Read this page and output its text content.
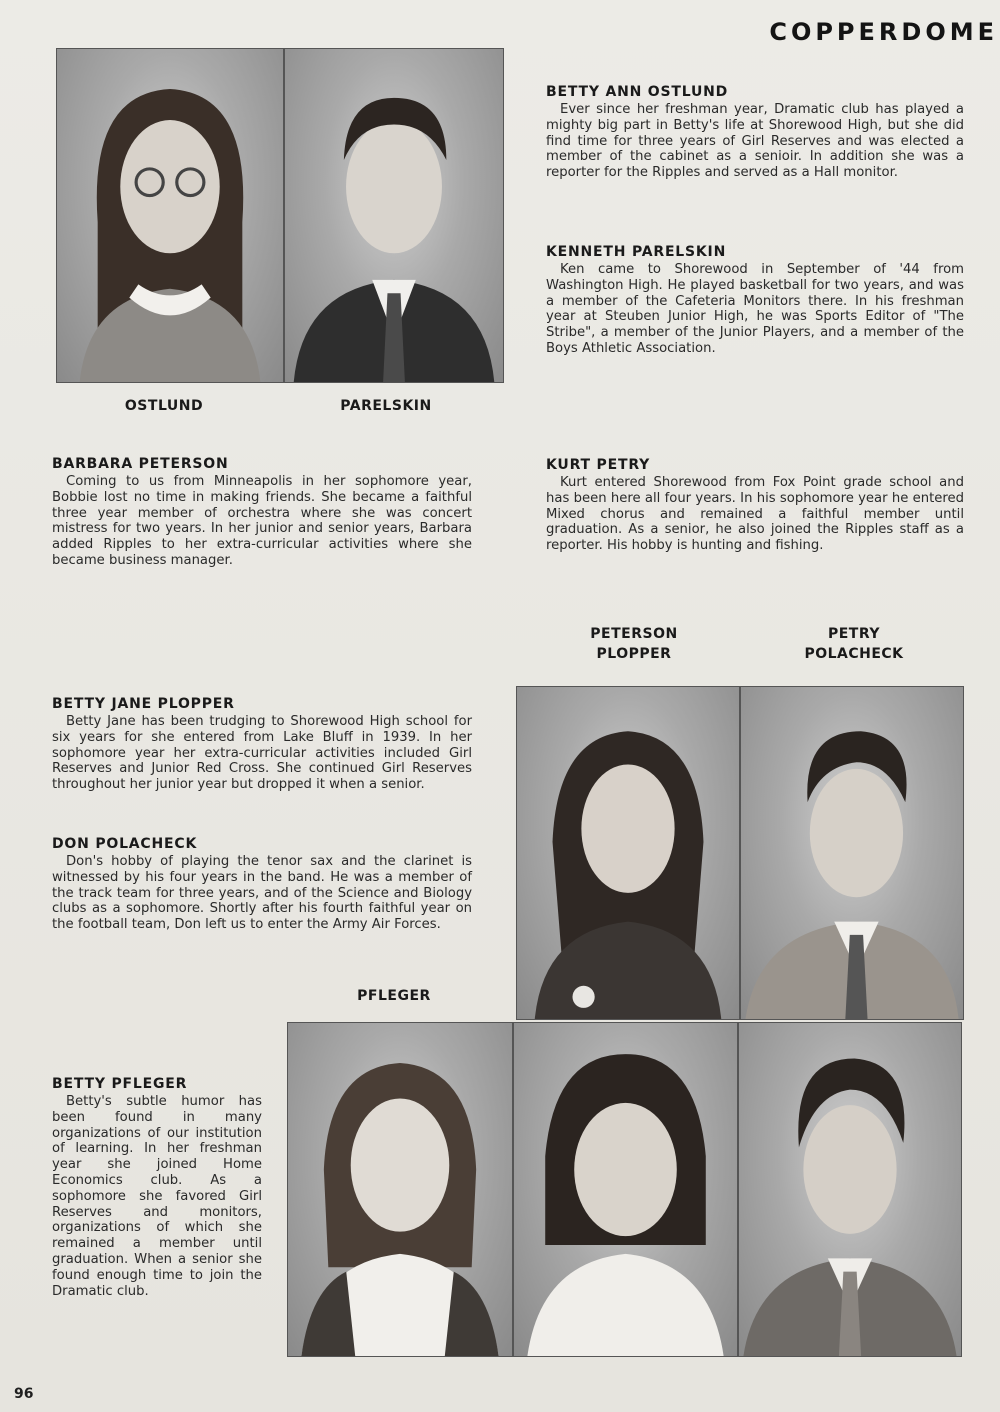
COPPERDOME
OSTLUND	PARELSKIN
BETTY ANN OSTLUND

Ever since her freshman year, Dramatic club has played a mighty big part in Betty's life at Shorewood High, but she did find time for three years of Girl Reserves and was elected a member of the cabinet as a senioir. In addition she was a reporter for the Ripples and served as a Hall monitor.

KENNETH PARELSKIN

Ken came to Shorewood in September of '44 from Washington High. He played basketball for two years, and was a member of the Cafeteria Monitors there. In his freshman year at Steuben Junior High, he was Sports Editor of "The Stribe", a member of the Junior Players, and a member of the Boys Athletic Association.

BARBARA PETERSON

Coming to us from Minneapolis in her sophomore year, Bobbie lost no time in making friends. She became a faithful three year member of orchestra where she was concert mistress for two years. In her junior and senior years, Barbara added Ripples to her extra-curricular activities where she became business manager.

KURT PETRY

Kurt entered Shorewood from Fox Point grade school and has been here all four years. In his sophomore year he entered Mixed chorus and remained a faithful member until graduation. As a senior, he also joined the Ripples staff as a reporter. His hobby is hunting and fishing.

PETERSON
PLOPPER
PETRY
POLACHECK
BETTY JANE PLOPPER

Betty Jane has been trudging to Shorewood High school for six years for she entered from Lake Bluff in 1939. In her sophomore year her extra-curricular activities included Girl Reserves and Junior Red Cross. She continued Girl Reserves throughout her junior year but dropped it when a senior.

DON POLACHECK

Don's hobby of playing the tenor sax and the clarinet is witnessed by his four years in the band. He was a member of the track team for three years, and of the Science and Biology clubs as a sophomore. Shortly after his fourth faithful year on the football team, Don left us to enter the Army Air Forces.

PFLEGER
BETTY PFLEGER

Betty's subtle humor has been found in many organizations of our institution of learning. In her freshman year she joined Home Economics club. As a sophomore she favored Girl Reserves and monitors, organizations of which she remained a member until graduation. When a senior she found enough time to join the Dramatic club.

96
